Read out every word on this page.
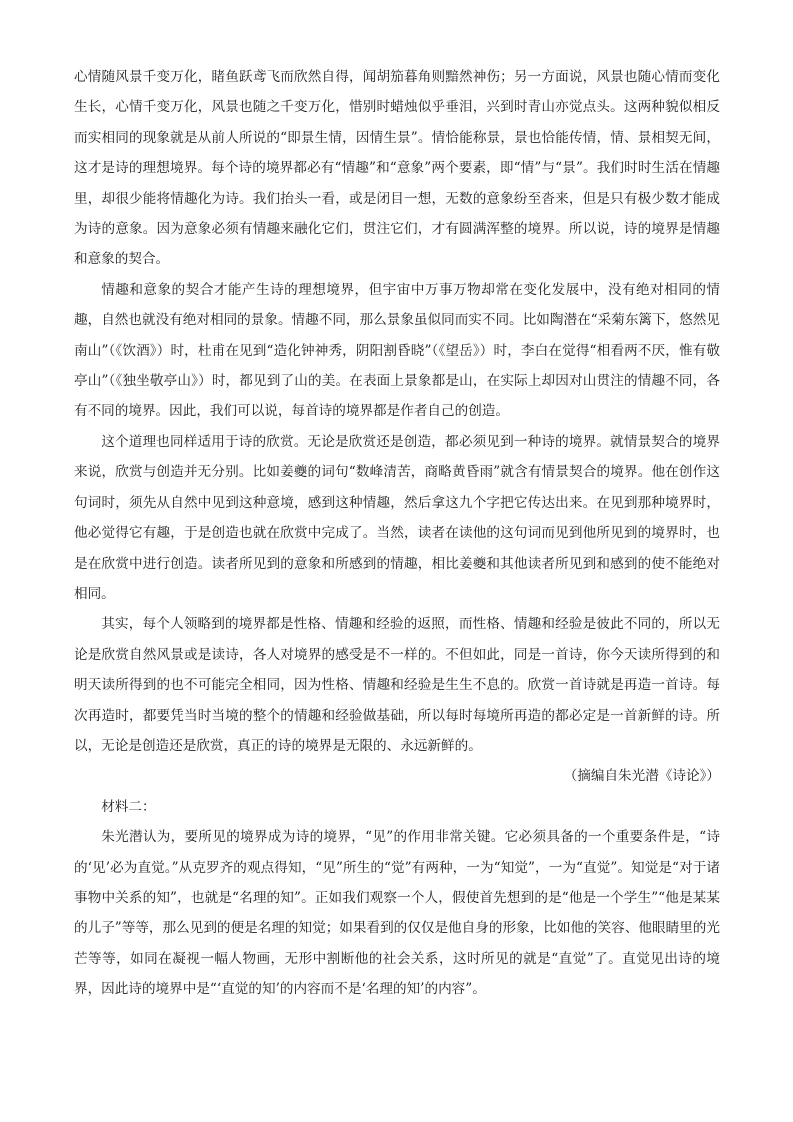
心情随风景千变万化，睹鱼跃鸢飞而欣然自得，闻胡笳暮角则黯然神伤；另一方面说，风景也随心情而变化生长，心情千变万化，风景也随之千变万化，惜别时蜡烛似乎垂泪，兴到时青山亦觉点头。这两种貌似相反而实相同的现象就是从前人所说的“即景生情，因情生景”。情恰能称景，景也恰能传情，情、景相契无间，这才是诗的理想境界。每个诗的境界都必有“情趣”和“意象”两个要素，即“情”与“景”。我们时时生活在情趣里，却很少能将情趣化为诗。我们抬头一看，或是闭目一想，无数的意象纷至沓来，但是只有极少数才能成为诗的意象。因为意象必须有情趣来融化它们，贯注它们，才有圆满浑整的境界。所以说，诗的境界是情趣和意象的契合。

情趣和意象的契合才能产生诗的理想境界，但宇宙中万事万物却常在变化发展中，没有绝对相同的情趣，自然也就没有绝对相同的景象。情趣不同，那么景象虽似同而实不同。比如陶潜在“采菊东篱下，悠然见南山”（《饮酒》）时，杜甫在见到“造化钟神秀，阴阳割昏晓”（《望岳》）时，李白在觉得“相看两不厌，惟有敬亭山”（《独坐敬亭山》）时，都见到了山的美。在表面上景象都是山，在实际上却因对山贯注的情趣不同，各有不同的境界。因此，我们可以说，每首诗的境界都是作者自己的创造。

这个道理也同样适用于诗的欣赏。无论是欣赏还是创造，都必须见到一种诗的境界。就情景契合的境界来说，欣赏与创造并无分别。比如姜夔的词句“数峰清苦，商略黄昏雨”就含有情景契合的境界。他在创作这句词时，须先从自然中见到这种意境，感到这种情趣，然后拿这九个字把它传达出来。在见到那种境界时，他必觉得它有趣，于是创造也就在欣赏中完成了。当然，读者在读他的这句词而见到他所见到的境界时，也是在欣赏中进行创造。读者所见到的意象和所感到的情趣，相比姜夔和其他读者所见到和感到的使不能绝对相同。

其实，每个人领略到的境界都是性格、情趣和经验的返照，而性格、情趣和经验是彼此不同的，所以无论是欣赏自然风景或是读诗，各人对境界的感受是不一样的。不但如此，同是一首诗，你今天读所得到的和明天读所得到的也不可能完全相同，因为性格、情趣和经验是生生不息的。欣赏一首诗就是再造一首诗。每次再造时，都要凭当时当境的整个的情趣和经验做基础，所以每时每境所再造的都必定是一首新鲜的诗。所以，无论是创造还是欣赏，真正的诗的境界是无限的、永远新鲜的。

（摘编自朱光潜《诗论》）

材料二：

朱光潜认为，要所见的境界成为诗的境界，“见”的作用非常关键。它必须具备的一个重要条件是，“诗的‘见’必为直觉。”从克罗齐的观点得知，“见”所生的“觉”有两种，一为“知觉”，一为“直觉”。知觉是“对于诸事物中关系的知”，也就是“名理的知”。正如我们观察一个人，假使首先想到的是“他是一个学生”“他是某某的儿子”等等，那么见到的便是名理的知觉；如果看到的仅仅是他自身的形象，比如他的笑容、他眼睛里的光芒等等，如同在凝视一幅人物画，无形中割断他的社会关系，这时所见的就是“直觉”了。直觉见出诗的境界，因此诗的境界中是“‘直觉的知’的内容而不是‘名理的知’的内容”。
